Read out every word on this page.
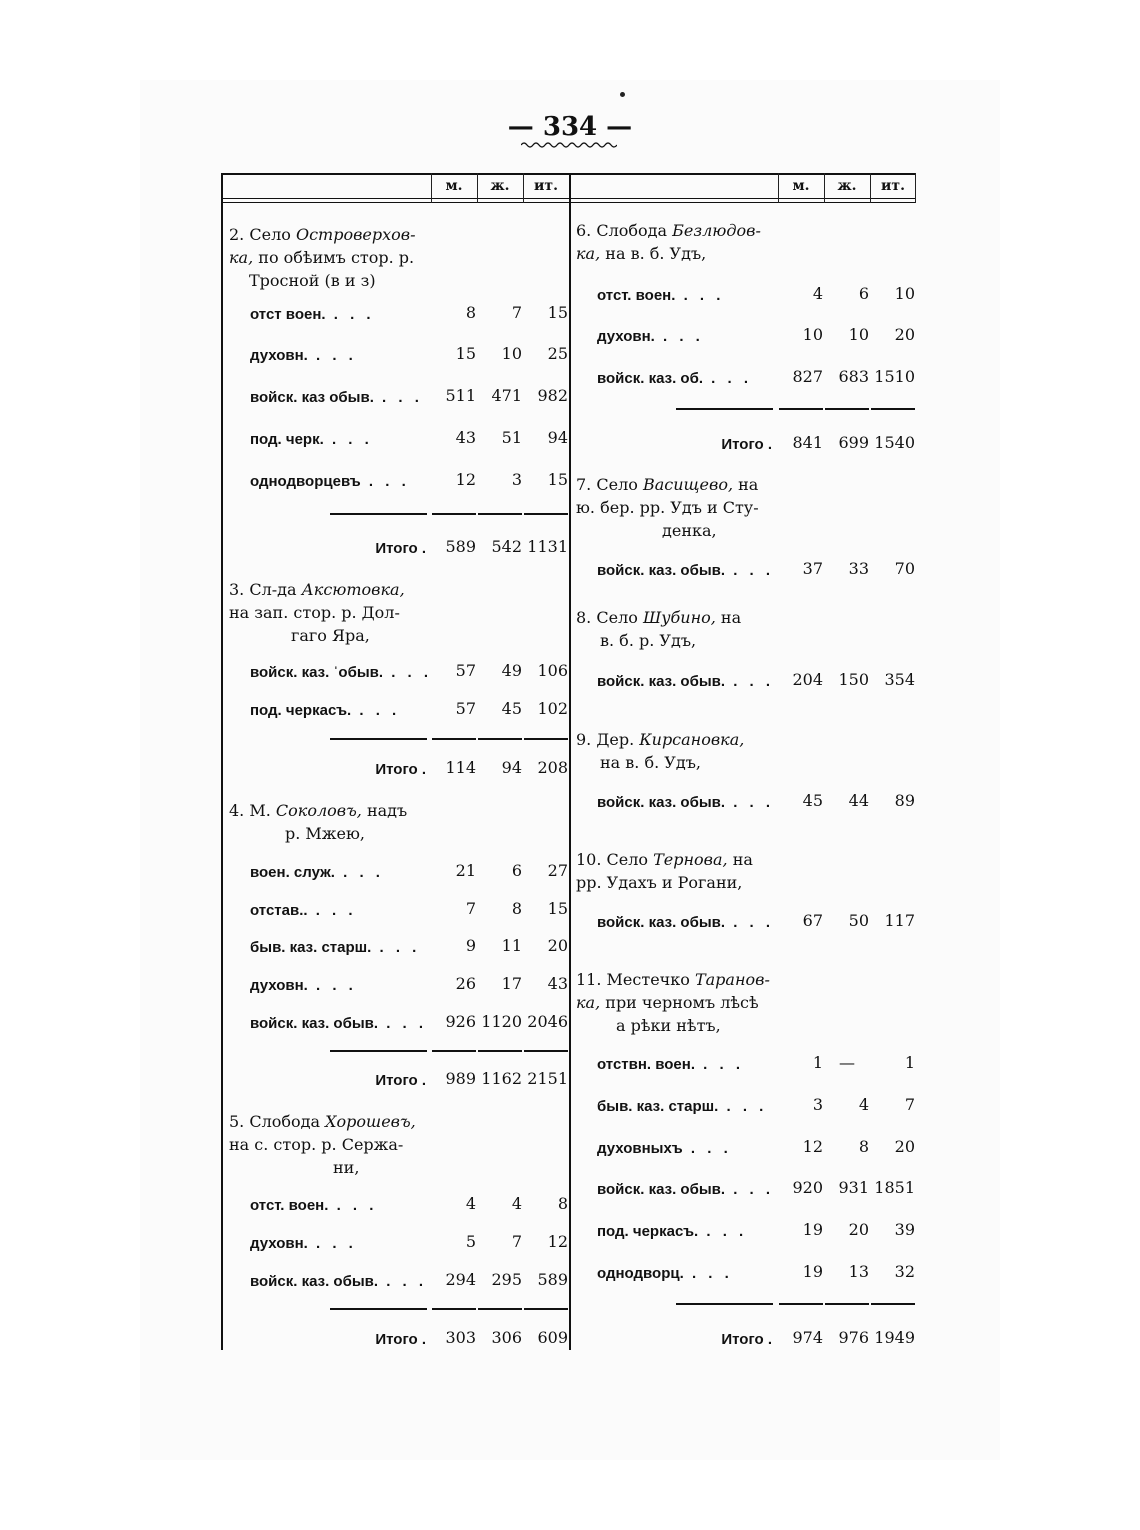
— 334 —
м.	ж.	ит.	м.	ж.	ит.
2. Село Островерхов-
ка, по обѣимъ стор. р.
Тросной (в и з)
отст воен. . . .	8	7	15
духовн. . . .	15	10	25
войск. каз обыв. . . .	511 471 982
под. черк. . . .	43	51	94
однодворцевъ . . .	12	3	15
Итого .	589 542 1131
3. Сл-да Аксютовка,
на зап. стор. р. Дол-
гаго Яра,
войск. каз. ˈобыв. . . .	57	49 106
под. черкасъ. . . .	57	45 102
Итого .	114	94 208
4. М. Соколовъ, надъ
р. Мжею,
воен. служ. . . .	21	6	27
отстав.. . . .	7	8	15
быв. каз. старш. . . .	9	11	20
духовн. . . .	26	17	43
войск. каз. обыв. . . .	926 1120 2046
Итого .	989 1162 2151
5. Слобода Хорошевъ,
на с. стор. р. Сержа-
ни,
отст. воен. . . .	4	4	8
духовн. . . .	5	7	12
войск. каз. обыв. . . .	294 295 589
Итого .	303 306 609
6. Слобода Безлюдов-
ка, на в. б. Удъ,
отст. воен. . . .	4	6	10
духовн. . . .	10	10	20
войск. каз. об. . . .	827 683 1510
Итого .	841 699 1540
7. Село Васищево, на
ю. бер. рр. Удъ и Сту-
денка,
войск. каз. обыв. . . .	37	33	70
8. Село Шубино, на
в. б. р. Удъ,
войск. каз. обыв. . . .	204 150 354
9. Дер. Кирсановка,
на в. б. Удъ,
войск. каз. обыв. . . .	45	44	89
10. Село Тернова, на
рр. Удахъ и Рогани,
войск. каз. обыв. . . .	67	50 117
11. Местечко Таранов-
ка, при черномъ лѣсѣ
а рѣки нѣтъ,
отствн. воен. . . .	1	—	1
быв. каз. старш. . . .	3	4	7
духовныхъ . . .	12	8	20
войск. каз. обыв. . . .	920 931 1851
под. черкасъ. . . .	19	20	39
однодворц. . . .	19	13	32
Итого .	974 976 1949
